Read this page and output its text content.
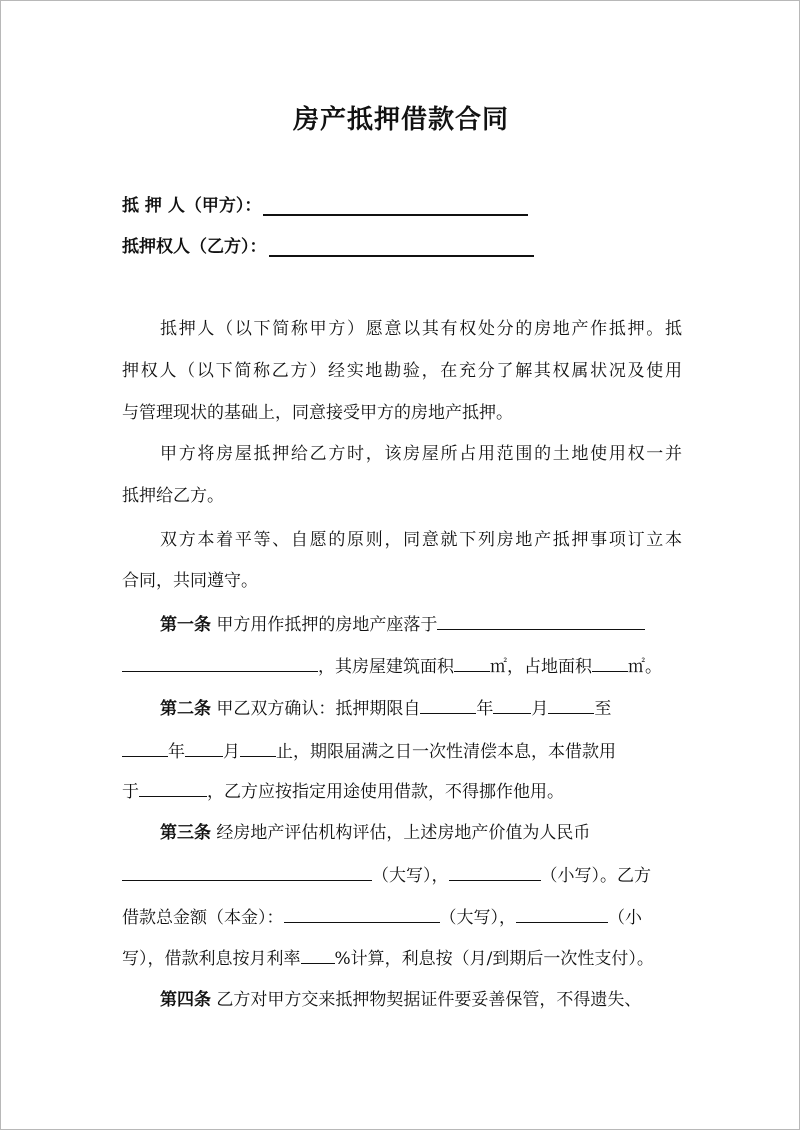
房产抵押借款合同
抵 押 人（甲方）：
抵押权人（乙方）：
抵押人（以下简称甲方）愿意以其有权处分的房地产作抵押。抵
押权人（以下简称乙方）经实地勘验，在充分了解其权属状况及使用
与管理现状的基础上，同意接受甲方的房地产抵押。
甲方将房屋抵押给乙方时，该房屋所占用范围的土地使用权一并
抵押给乙方。
双方本着平等、自愿的原则，同意就下列房地产抵押事项订立本
合同，共同遵守。
第一条 甲方用作抵押的房地产座落于
，其房屋建筑面积 ㎡，占地面积 ㎡。
第二条 甲乙双方确认：抵押期限自	年 月	至
年 月 止，期限届满之日一次性清偿本息，本借款用
于	，乙方应按指定用途使用借款，不得挪作他用。
第三条 经房地产评估机构评估，上述房地产价值为人民币
（大写），	（小写）。乙方
借款总金额（本金）：	（大写），	（小
写），借款利息按月利率 %计算，利息按（月/到期后一次性支付）。
第四条 乙方对甲方交来抵押物契据证件要妥善保管，不得遗失、
